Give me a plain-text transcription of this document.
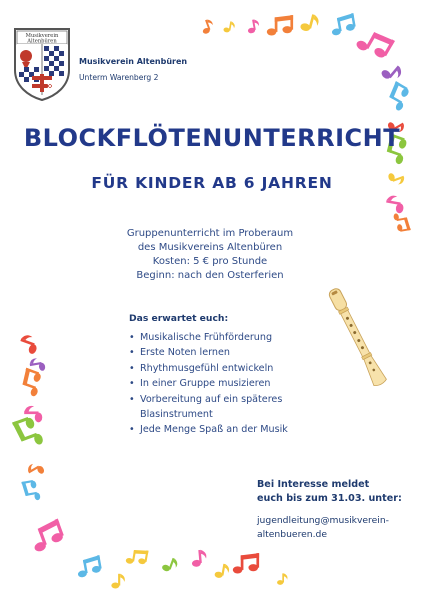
Musikverein
Altenbüren
Musikverein Altenbüren
Unterm Warenberg 2
BLOCKFLÖTENUNTERRICHT
FÜR KINDER AB 6 JAHREN
Gruppenunterricht im Proberaum
des Musikvereins Altenbüren
Kosten: 5 € pro Stunde
Beginn: nach den Osterferien
Das erwartet euch:
• Musikalische Frühförderung
• Erste Noten lernen
• Rhythmusgefühl entwickeln
• In einer Gruppe musizieren
• Vorbereitung auf ein späteres
Blasinstrument
• Jede Menge Spaß an der Musik
Bei Interesse meldet
euch bis zum 31.03. unter:
jugendleitung@musikverein-
altenbueren.de
